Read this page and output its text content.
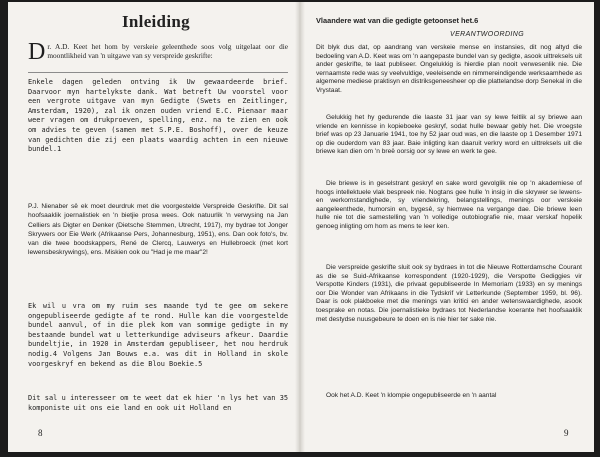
Inleiding

Dr. A.D. Keet het hom by verskeie geleenthede soos volg uitgelaat oor die moontlikheid van 'n uitgawe van sy verspreide geskrifte:

Enkele dagen geleden ontving ik Uw gewaardeerde brief. Daarvoor myn hartelykste dank. Wat betreft Uw voorstel voor een vergrote uitgave van myn Gedigte (Swets en Zeitlinger, Amsterdam, 1920), zal ik onzen ouden vriend E.C. Pienaar maar weer vragen om drukproeven, spelling, enz. na te zien en ook om advies te geven (samen met S.P.E. Boshoff), over de keuze van gedichten die zij een plaats waardig achten in een nieuwe bundel.1

P.J. Nienaber sê ek moet deurdruk met die voorgestelde Verspreide Geskrifte. Dit sal hoofsaaklik joernalistiek en 'n bietjie prosa wees. Ook natuurlik 'n verwysing na Jan Celliers als Digter en Denker (Dietsche Stemmen, Utrecht, 1917), my bydrae tot Jonger Skrywers oor Eie Werk (Afrikaanse Pers, Johannesburg, 1951), ens. Dan ook foto's, bv. van die twee boodskappers, René de Clercq, Lauwerys en Hullebroeck (met kort lewensbeskrywings), ens. Miskien ook ou "Had je me maar"2!

Ek wil u vra om my ruim ses maande tyd te gee om sekere ongepubliseerde gedigte af te rond. Hulle kan die voorgestelde bundel aanvul, of in die plek kom van sommige gedigte in my bestaande bundel wat u letterkundige adviseurs afkeur. Daardie bundeltjie, in 1920 in Amsterdam gepubliseer, het nou herdruk nodig.4 Volgens Jan Bouws e.a. was dit in Holland in skole voorgeskryf en bekend as die Blou Boekie.5

Dit sal u interesseer om te weet dat ek hier 'n lys het van 35 komponiste uit ons eie land en ook uit Holland en

8
Vlaandere wat van die gedigte getoonset het.6
VERANTWOORDING

Dit blyk dus dat, op aandrang van verskeie mense en instansies, dit nog altyd die bedoeling van A.D. Keet was om 'n aangepaste bundel van sy gedigte, asook uittreksels uit ander geskrifte, te laat publiseer. Ongelukkig is hierdie plan nooit verwesenlik nie. Die vernaamste rede was sy veelvuldige, veeleisende en nimmereindigende werksaamhede as algemene mediese praktisyn en distriksgeneesheer op die plattelandse dorp Senekal in die Vrystaat.

Gelukkig het hy gedurende die laaste 31 jaar van sy lewe feitlik al sy briewe aan vriende en kennisse in kopieboeke geskryf, sodat hulle bewaar gebly het. Die vroegste brief was op 23 Januarie 1941, toe hy 52 jaar oud was, en die laaste op 1 Desember 1971 op die ouderdom van 83 jaar. Baie inligting kan daaruit verkry word en uittreksels uit die briewe kan dien om 'n breë oorsig oor sy lewe en werk te gee.

Die briewe is in geselstrant geskryf en sake word gevolglik nie op 'n akademiese of hoogs intellektuele vlak bespreek nie. Nogtans gee hulle 'n insig in die skrywer se lewens- en werkomstandighede, sy vriendekring, belangstellings, menings oor verskeie aangeleenthede, humorsin en, bygesê, sy hiemwee na vergange dae. Die briewe leen hulle nie tot die samestelling van 'n volledige outobiografie nie, maar verskaf hopelik genoeg inligting om hom as mens te leer ken.

Die verspreide geskrifte sluit ook sy bydraes in tot die Nieuwe Rotterdamsche Courant as die se Suid-Afrikaanse korrespondent (1920-1929), die Verspotte Gediggies vir Verspotte Kinders (1931), die privaat gepubliseerde In Memoriam (1933) en sy menings oor Die Wonder van Afrikaans in die Tydskrif vir Letterkunde (September 1959, bl. 96). Daar is ook plakboeke met die menings van kritici en ander wetenswaardighede, asook toesprake en notas. Die joernalistieke bydraes tot Nederlandse koerante het hoofsaaklik met destydse nuusgebeure te doen en is nie hier ter sake nie.

Ook het A.D. Keet 'n klompie ongepubliseerde en 'n aantal

9
